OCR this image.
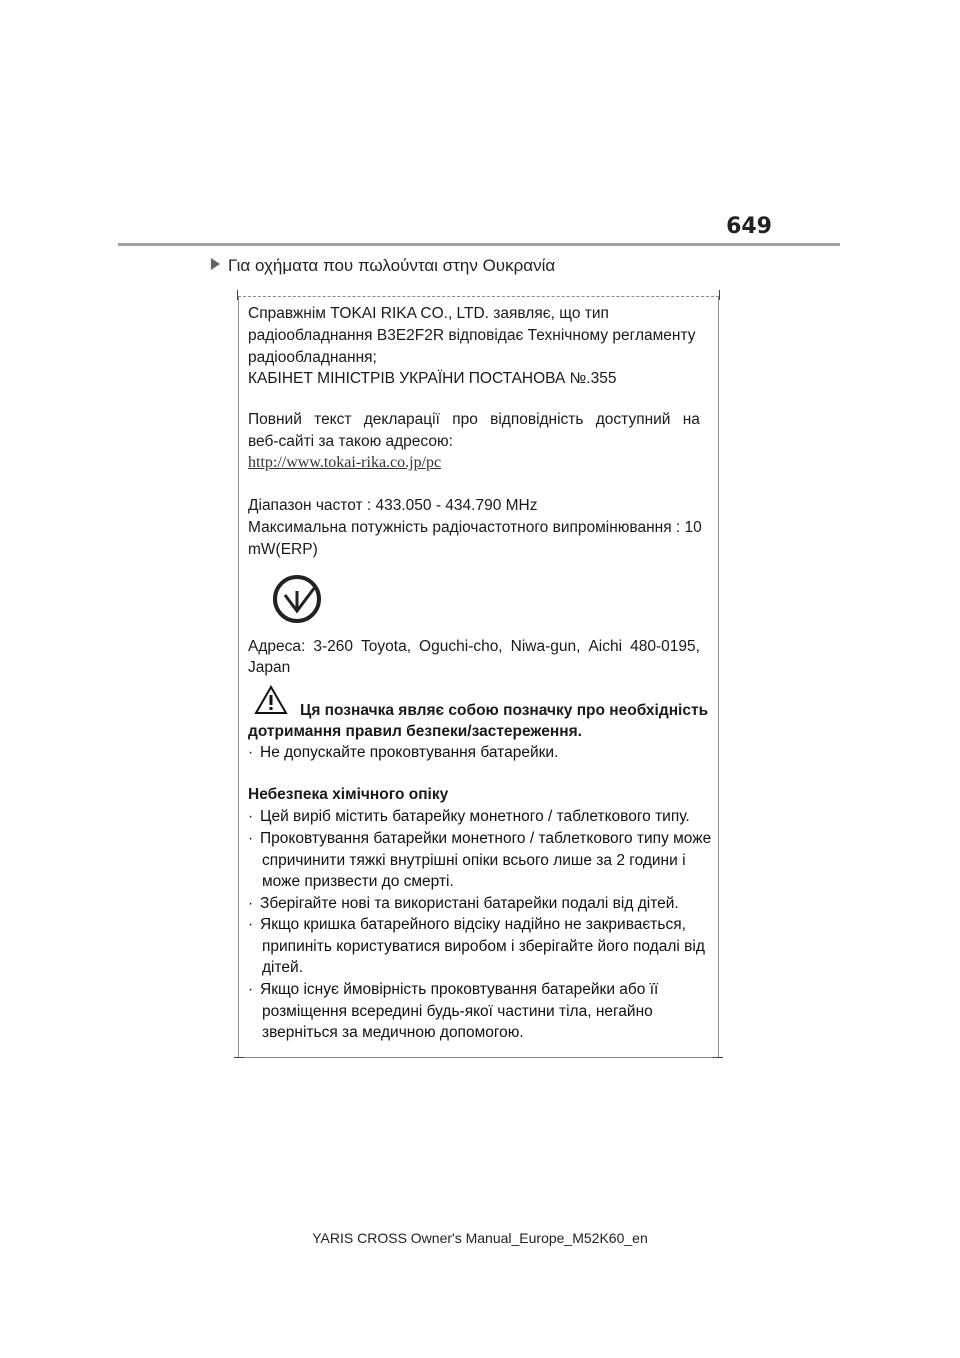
649
Για οχήματα που πωλούνται στην Ουκρανία
Справжнім TOKAI RIKA CO., LTD. заявляє, що тип
радіообладнання B3E2F2R відповідає Технічному регламенту
радіообладнання;
КАБІНЕТ МІНІСТРІВ УКРАЇНИ ПОСТАНОВА №.355
Повний текст декларації про відповідність доступний на
веб-сайті за такою адресою:
http://www.tokai-rika.co.jp/pc
Діапазон частот : 433.050 - 434.790 MHz
Максимальна потужність радіочастотного випромінювання : 10
mW(ERP)
Адреса: 3-260 Toyota, Oguchi-cho, Niwa-gun, Aichi 480-0195,
Japan
Ця позначка являє собою позначку про необхідність
дотримання правил безпеки/застереження.
· Не допускайте проковтування батарейки.
Небезпека хімічного опіку
· Цей виріб містить батарейку монетного / таблеткового типу.
· Проковтування батарейки монетного / таблеткового типу може
спричинити тяжкі внутрішні опіки всього лише за 2 години і
може призвести до смерті.
· Зберігайте нові та використані батарейки подалі від дітей.
· Якщо кришка батарейного відсіку надійно не закривається,
припиніть користуватися виробом і зберігайте його подалі від
дітей.
· Якщо існує ймовірність проковтування батарейки або її
розміщення всередині будь-якої частини тіла, негайно
зверніться за медичною допомогою.
YARIS CROSS Owner's Manual_Europe_M52K60_en
